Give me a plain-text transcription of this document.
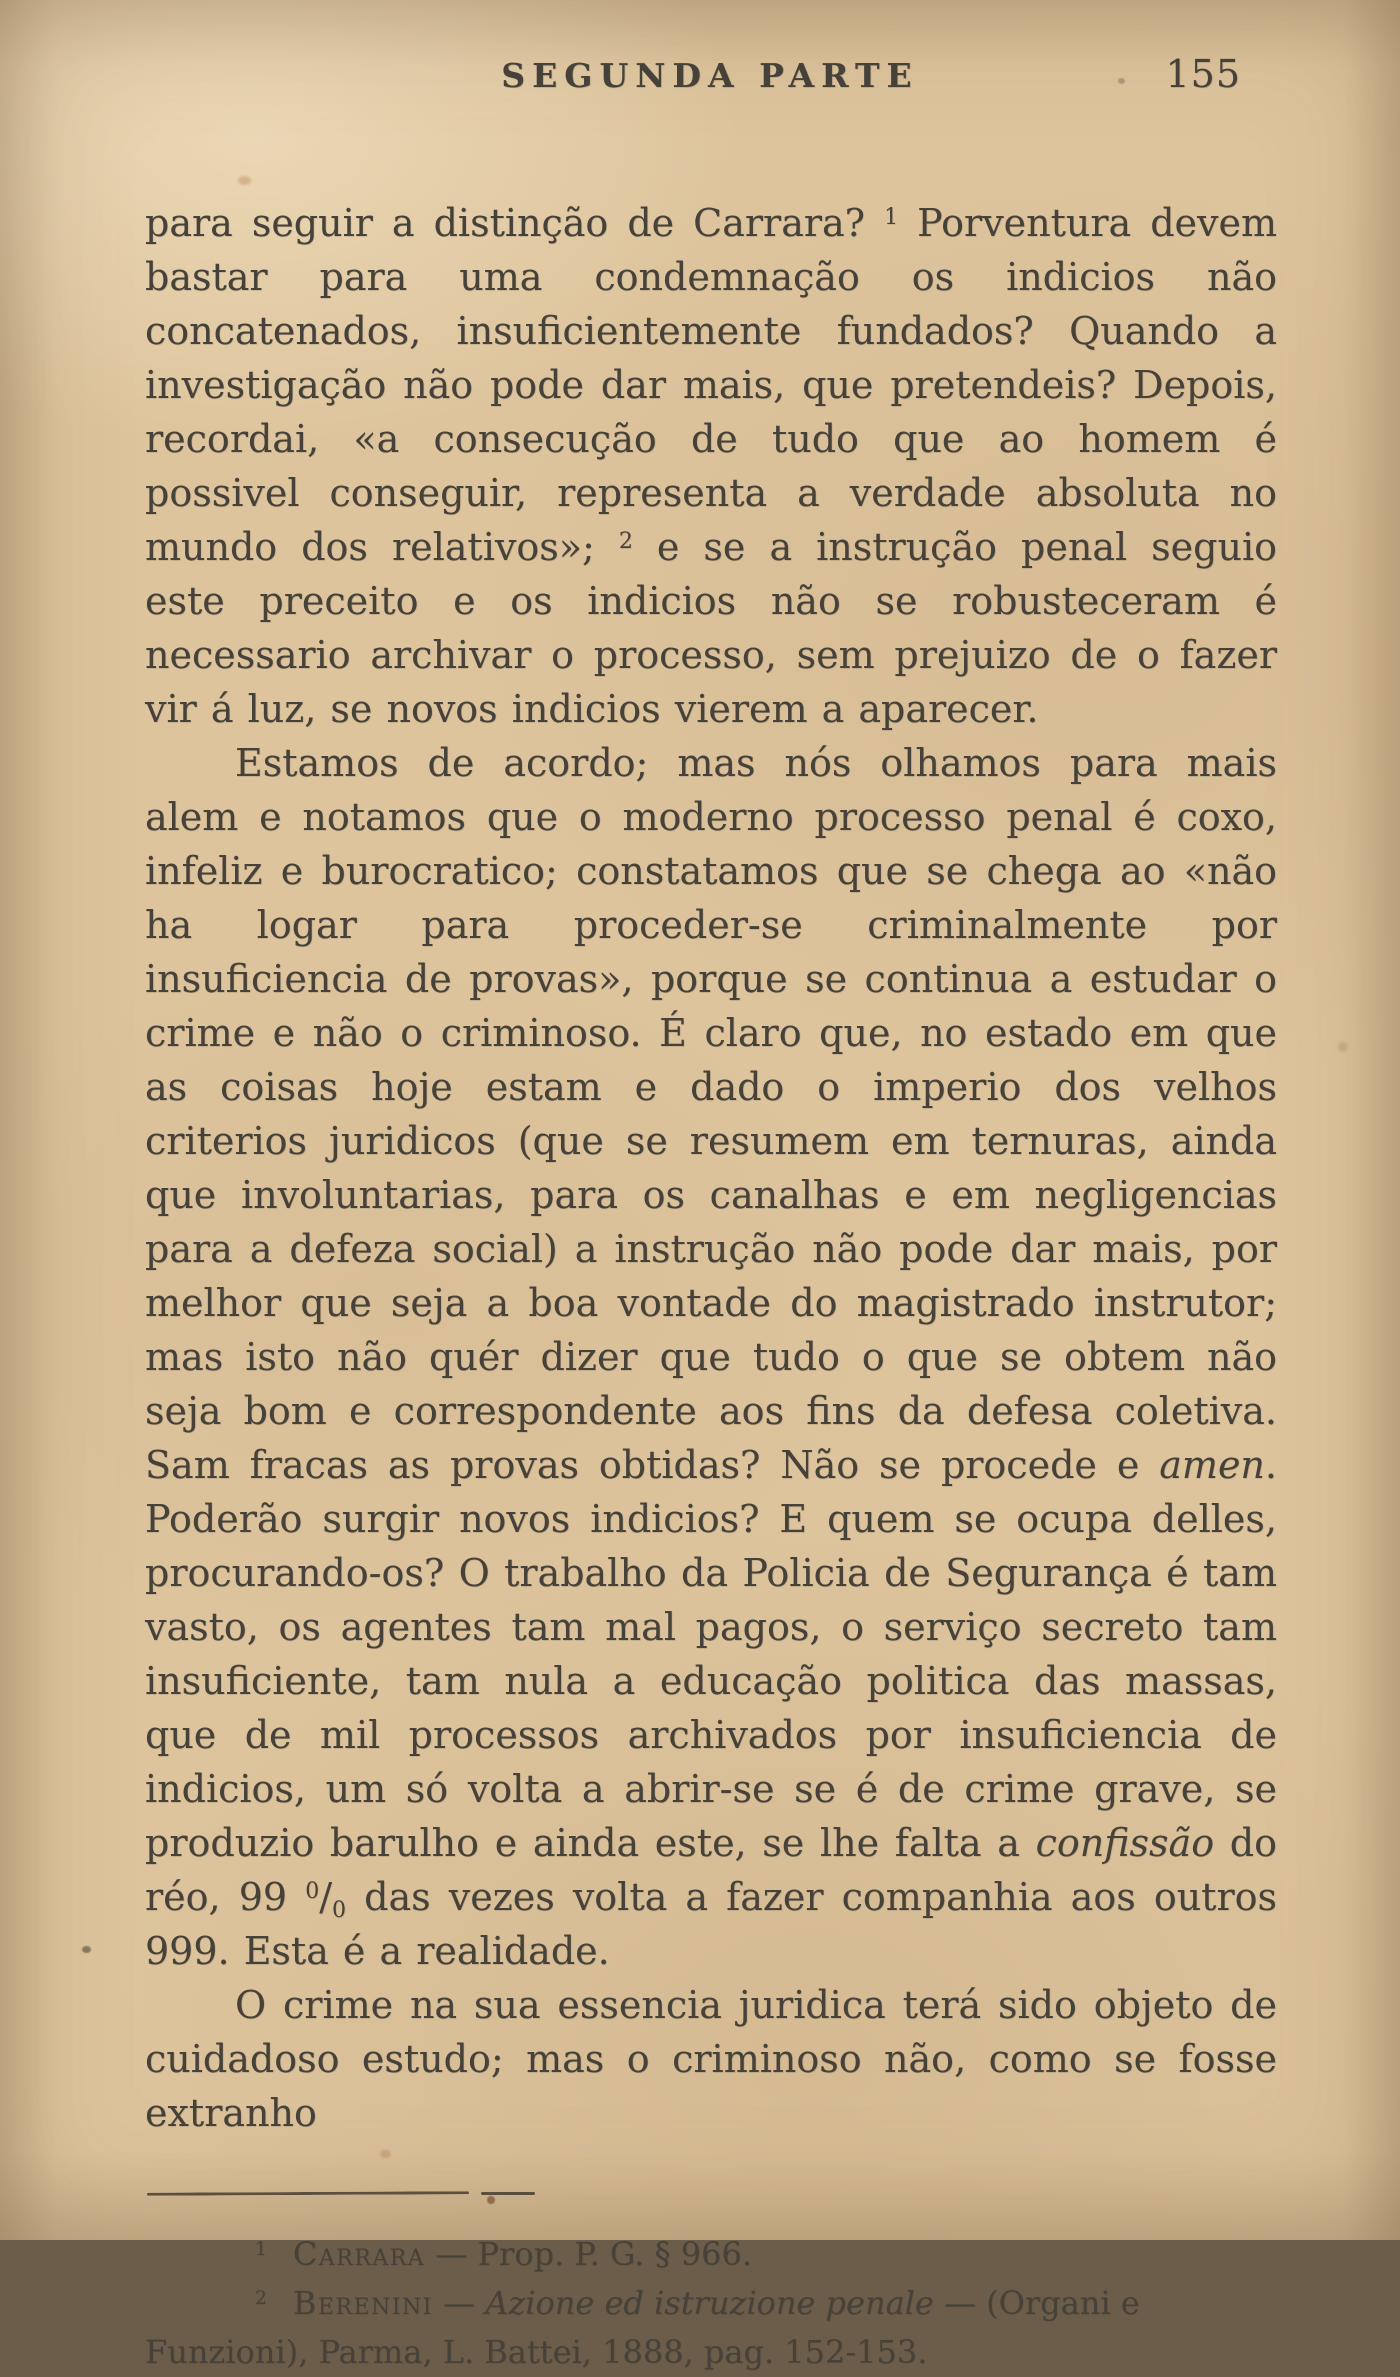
SEGUNDA PARTE	155

para seguir a distinção de Carrara? $^1$ Porventura devem bastar para uma condemnação os indicios não concatenados, insuficientemente fundados? Quando a investigação não pode dar mais, que pretendeis? Depois, recordai, «a consecução de tudo que ao homem é possivel conseguir, representa a verdade absoluta no mundo dos relativos»; $^2$ e se a instrução penal seguio este preceito e os indicios não se robusteceram é necessario archivar o processo, sem prejuizo de o fazer vir á luz, se novos indicios vierem a aparecer.

Estamos de acordo; mas nós olhamos para mais alem e notamos que o moderno processo penal é coxo, infeliz e burocratico; constatamos que se chega ao «não ha logar para proceder-se criminalmente por insuficiencia de provas», porque se continua a estudar o crime e não o criminoso. É claro que, no estado em que as coisas hoje estam e dado o imperio dos velhos criterios juridicos (que se resumem em ternuras, ainda que involuntarias, para os canalhas e em negligencias para a defeza social) a instrução não pode dar mais, por melhor que seja a boa vontade do magistrado instrutor; mas isto não quér dizer que tudo o que se obtem não seja bom e correspondente aos fins da defesa coletiva. Sam fracas as provas obtidas? Não se procede e amen. Poderão surgir novos indicios? E quem se ocupa delles, procurando-os? O trabalho da Policia de Segurança é tam vasto, os agentes tam mal pagos, o serviço secreto tam insuficiente, tam nula a educação politica das massas, que de mil processos archivados por insuficiencia de indicios, um só volta a abrir-se se é de crime grave, se produzio barulho e ainda este, se lhe falta a confissão do réo, 99 $^0$/0 das vezes volta a fazer companhia aos outros 999. Esta é a realidade.

O crime na sua essencia juridica terá sido objeto de cuidadoso estudo; mas o criminoso não, como se fosse extranho

$^1$ Carrara — Prop. P. G. § 966.

$^2$ Berenini — Azione ed istruzione penale — (Organi e Funzioni), Parma, L. Battei, 1888, pag. 152-153.
